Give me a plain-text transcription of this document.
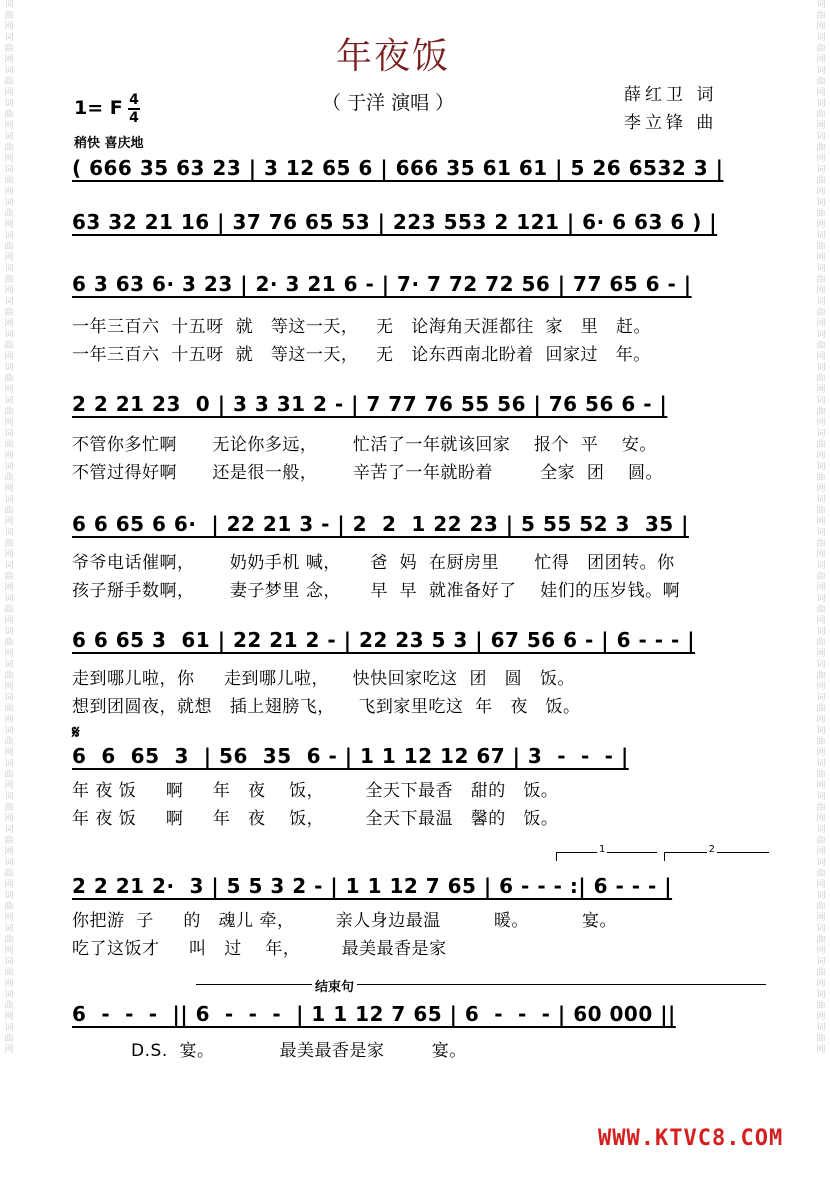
词
曲
网
词
曲
网
词
曲
网
词
曲
网
词
曲
网
词
曲
网
词
曲
网
词
曲
网
词
曲
网
词
曲
网
词
曲
网
词
曲
网
词
曲
网
词
曲
网
词
曲
网
词
曲
网
词
曲
网
词
曲
网
词
曲
网
词
曲
网
词
曲
网
词
曲
网
词
曲
网
词
曲
网
词
曲
网
词
曲
网
词
曲
网
词
曲
网
词
曲
网
词
曲
网
词
曲
网
词
曲
网
词
曲
网
词
曲
网
词
曲
网
词
曲
网
词
曲
网
词
曲
网
词
曲
网
词
曲
网
词
曲
网
词
曲
网
词
曲
网
词
曲
网
词
曲
网
词
曲
网
词
曲
网
词
曲
网
词
曲
网
词
曲
网
词
曲
网
词
曲
网
词
曲
网
词
曲
网
词
曲
网
词
曲
网
词
曲
网
词
曲
网
词
曲
网
词
曲
网
词
曲
网
词
曲
网
词
曲
网
词
曲
网
年夜饭
（ 于洋 演唱 ）	薛红卫 词
李立锋 曲
1= F 4
4
稍快 喜庆地
( 666 35 63 23 | 3 12 65 6 | 666 35 61 61 | 5 26 6532 3 |
63 32 21 16 | 37 76 65 53 | 223 553 2 121 | 6· 6 63 6 ) |
6 3 63 6· 3 23 | 2· 3 21 6 - | 7· 7 72 72 56 | 77 65 6 - |
一年三百六  十五呀  就   等这一天，   无   论海角天涯都往  家   里   赶。
一年三百六  十五呀  就   等这一天，   无   论东西南北盼着  回家过   年。
2 2 21 23  0 | 3 3 31 2 - | 7 77 76 55 56 | 76 56 6 - |
不管你多忙啊      无论你多远，      忙活了一年就该回家    报个  平    安。
不管过得好啊      还是很一般，      辛苦了一年就盼着        全家  团    圆。
6 6 65 6 6·  | 22 21 3 - | 2  2  1 22 23 | 5 55 52 3  35 |
爷爷电话催啊，      奶奶手机 喊，     爸  妈  在厨房里      忙得   团团转。你
孩子掰手数啊，      妻子梦里 念，     早  早  就准备好了    娃们的压岁钱。啊
6 6 65 3  61 | 22 21 2 - | 22 23 5 3 | 67 56 6 - | 6 - - - |
走到哪儿啦，你     走到哪儿啦，    快快回家吃这  团   圆   饭。
想到团圆夜，就想   插上翅膀飞，    飞到家里吃这  年   夜   饭。
𝄋
6  6  65  3  | 56  35  6 - | 1 1 12 12 67 | 3  -  -  - |
年 夜 饭     啊     年   夜    饭，       全天下最香   甜的   饭。
年 夜 饭     啊     年   夜    饭，       全天下最温   馨的   饭。
1	2
2 2 21 2·  3 | 5 5 3 2 - | 1 1 12 7 65 | 6 - - - :| 6 - - - |
你把游  子     的   魂儿 牵，       亲人身边最温         暖。         宴。
吃了这饭才     叫   过    年，       最美最香是家
结束句
6  -  -  -  || 6  -  -  -  | 1 1 12 7 65 | 6  -  -  - | 60 000 ||
D.S.  宴。           最美最香是家        宴。
WWW.KTVC8.COM
